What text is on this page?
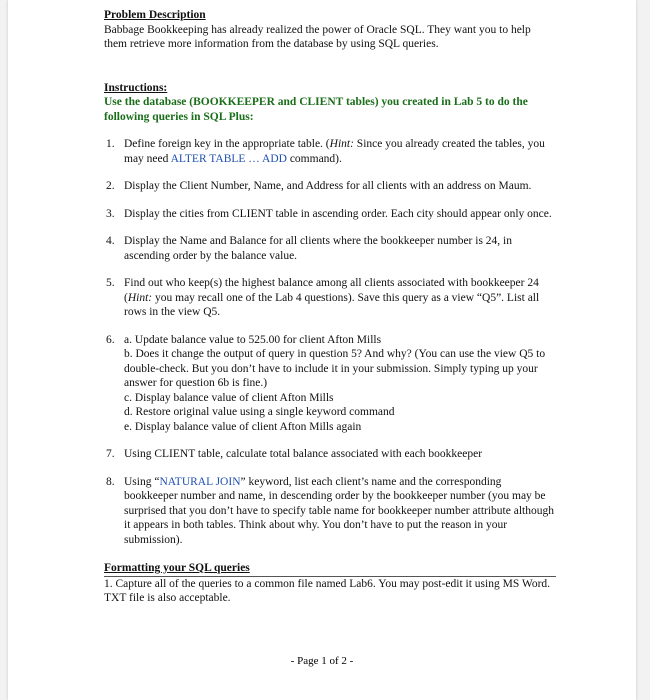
Problem Description

Babbage Bookkeeping has already realized the power of Oracle SQL. They want you to help them retrieve more information from the database by using SQL queries.

Instructions:

Use the database (BOOKKEEPER and CLIENT tables) you created in Lab 5 to do the following queries in SQL Plus:

1. Define foreign key in the appropriate table. (Hint: Since you already created the tables, you may need ALTER TABLE … ADD command).
2. Display the Client Number, Name, and Address for all clients with an address on Maum.
3. Display the cities from CLIENT table in ascending order. Each city should appear only once.
4. Display the Name and Balance for all clients where the bookkeeper number is 24, in ascending order by the balance value.
5. Find out who keep(s) the highest balance among all clients associated with bookkeeper 24 (Hint: you may recall one of the Lab 4 questions). Save this query as a view “Q5”. List all rows in the view Q5.
6. a. Update balance value to 525.00 for client Afton Mills
b. Does it change the output of query in question 5? And why? (You can use the view Q5 to double-check. But you don’t have to include it in your submission. Simply typing up your answer for question 6b is fine.)
c. Display balance value of client Afton Mills
d. Restore original value using a single keyword command
e. Display balance value of client Afton Mills again
7. Using CLIENT table, calculate total balance associated with each bookkeeper
8. Using “NATURAL JOIN” keyword, list each client’s name and the corresponding bookkeeper number and name, in descending order by the bookkeeper number (you may be surprised that you don’t have to specify table name for bookkeeper number attribute although it appears in both tables. Think about why. You don’t have to put the reason in your submission).

Formatting your SQL queries

1. Capture all of the queries to a common file named Lab6. You may post-edit it using MS Word. TXT file is also acceptable.

- Page 1 of 2 -
